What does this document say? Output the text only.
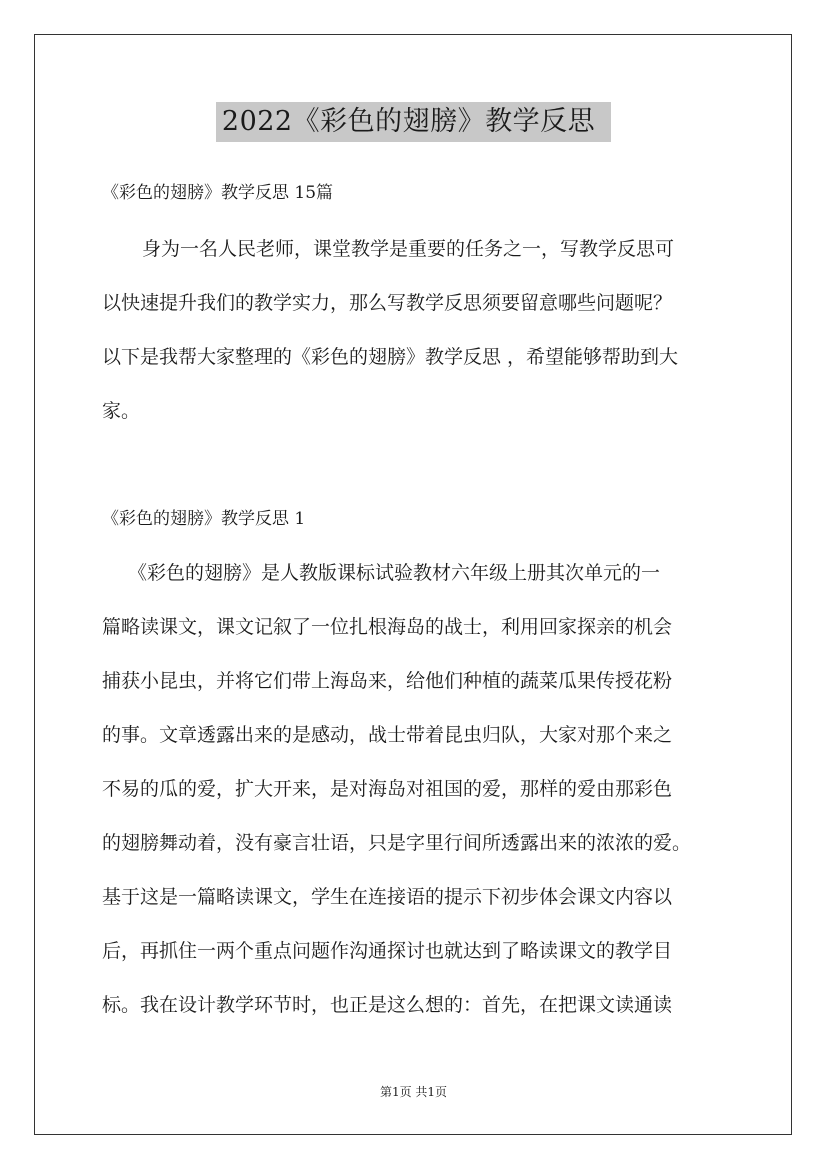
2022《彩色的翅膀》教学反思
《彩色的翅膀》教学反思 15篇
身为一名人民老师，课堂教学是重要的任务之一，写教学反思可
以快速提升我们的教学实力，那么写教学反思须要留意哪些问题呢？
以下是我帮大家整理的《彩色的翅膀》教学反思 ，希望能够帮助到大
家。
《彩色的翅膀》教学反思 1
《彩色的翅膀》是人教版课标试验教材六年级上册其次单元的一
篇略读课文，课文记叙了一位扎根海岛的战士，利用回家探亲的机会
捕获小昆虫，并将它们带上海岛来，给他们种植的蔬菜瓜果传授花粉
的事。文章透露出来的是感动，战士带着昆虫归队，大家对那个来之
不易的瓜的爱，扩大开来，是对海岛对祖国的爱，那样的爱由那彩色
的翅膀舞动着，没有豪言壮语，只是字里行间所透露出来的浓浓的爱。
基于这是一篇略读课文，学生在连接语的提示下初步体会课文内容以
后，再抓住一两个重点问题作沟通探讨也就达到了略读课文的教学目
标。我在设计教学环节时，也正是这么想的：首先，在把课文读通读
第1页 共1页
